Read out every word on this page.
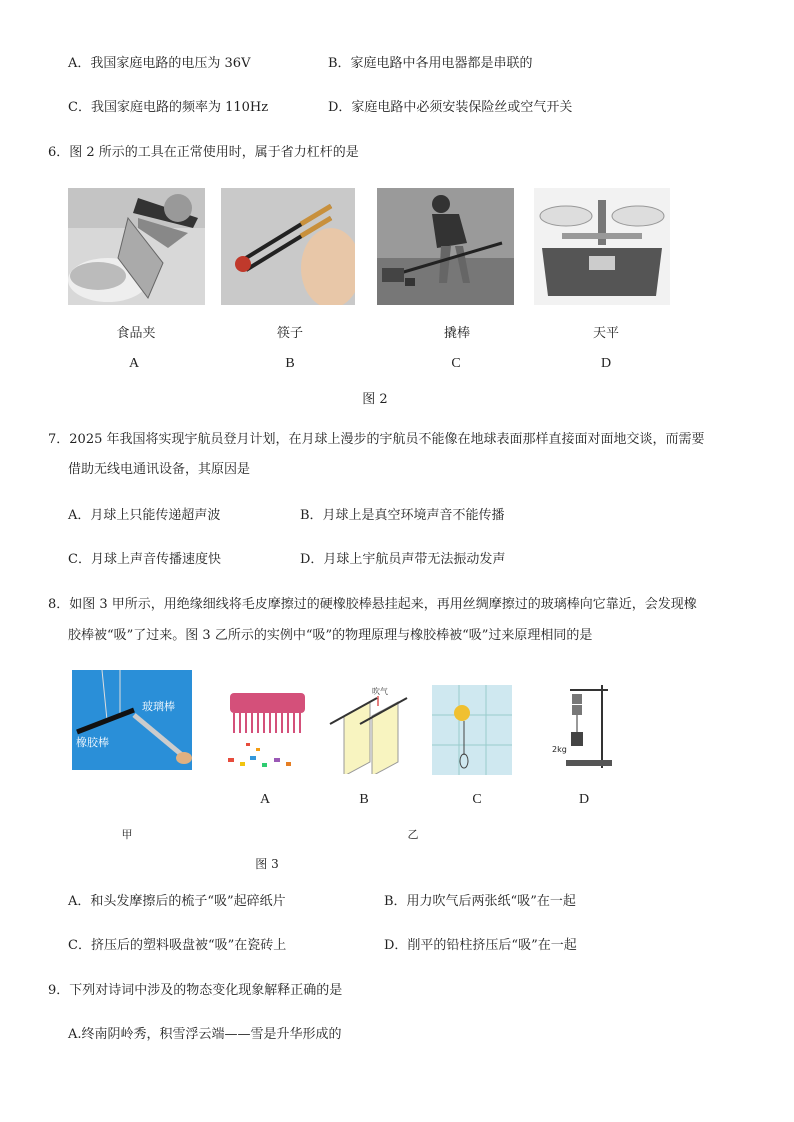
A．我国家庭电路的电压为 36V	B．家庭电路中各用电器都是串联的
C．我国家庭电路的频率为 110Hz	D．家庭电路中必须安装保险丝或空气开关
6．图 2 所示的工具在正常使用时，属于省力杠杆的是
食品夹	筷子	撬棒	天平
A	B	C	D
图 2
7．2025 年我国将实现宇航员登月计划，在月球上漫步的宇航员不能像在地球表面那样直接面对面地交谈，而需要
借助无线电通讯设备，其原因是
A．月球上只能传递超声波	B．月球上是真空环境声音不能传播
C．月球上声音传播速度快	D．月球上宇航员声带无法振动发声
8．如图 3 甲所示，用绝缘细线将毛皮摩擦过的硬橡胶棒悬挂起来，再用丝绸摩擦过的玻璃棒向它靠近，会发现橡
胶棒被“吸”了过来。图 3 乙所示的实例中“吸”的物理原理与橡胶棒被“吸”过来原理相同的是
玻璃棒
橡胶棒
吹气
2kg
A	B	C	D
甲	乙
图 3
A．和头发摩擦后的梳子“吸”起碎纸片	B．用力吹气后两张纸“吸”在一起
C．挤压后的塑料吸盘被“吸”在瓷砖上	D．削平的铅柱挤压后“吸”在一起
9．下列对诗词中涉及的物态变化现象解释正确的是
A.终南阴岭秀，积雪浮云端——雪是升华形成的
